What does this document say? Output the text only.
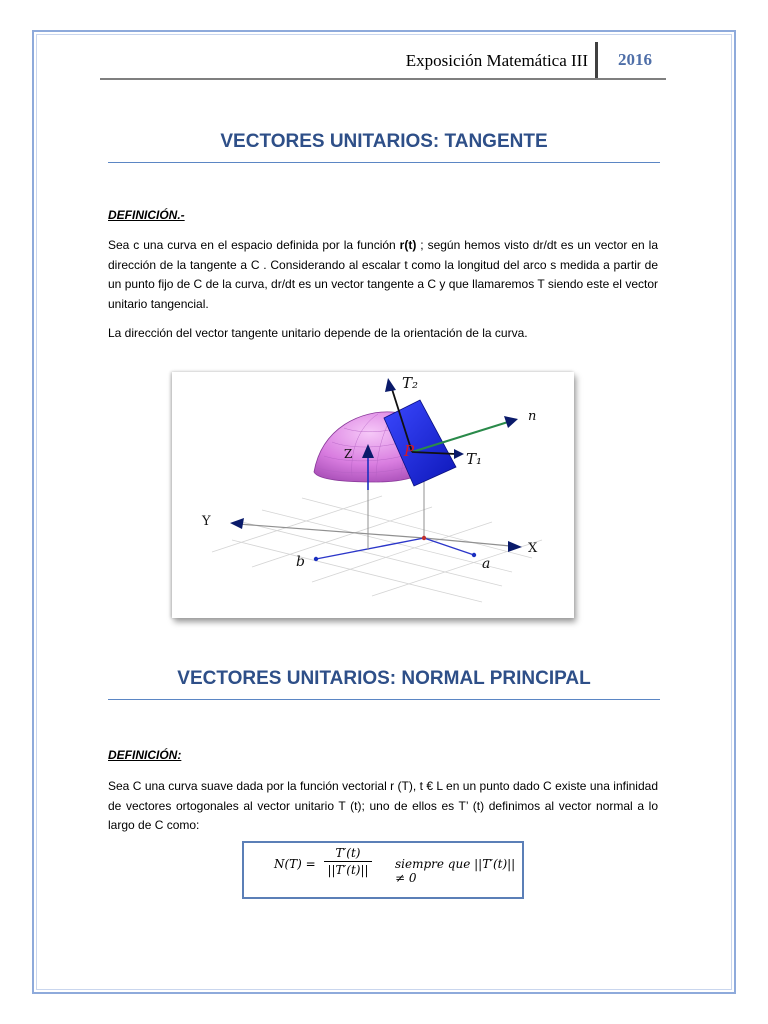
Exposición Matemática III 2016
VECTORES UNITARIOS: TANGENTE
DEFINICIÓN.-
Sea c una curva en el espacio definida por la función r(t) ; según hemos visto dr/dt es un vector en la dirección de la tangente a C . Considerando al escalar t como la longitud del arco s medida a partir de un punto fijo de C de la curva, dr/dt es un vector tangente a C y que llamaremos T siendo este el vector unitario tangencial.
La dirección del vector tangente unitario depende de la orientación de la curva.
T₂
n
T₁
P
Z
Y
X
a
b
VECTORES UNITARIOS: NORMAL PRINCIPAL
DEFINICIÓN:
Sea C una curva suave dada por la función vectorial r (T), t € L en un punto dado C existe una infinidad de vectores ortogonales al vector unitario T (t); uno de ellos es T’ (t) definimos al vector normal a lo largo de C como:
$N(T) = \frac{T'(t)}{||T'(t)||}$ siempre que ||T′(t)|| ≠ 0
